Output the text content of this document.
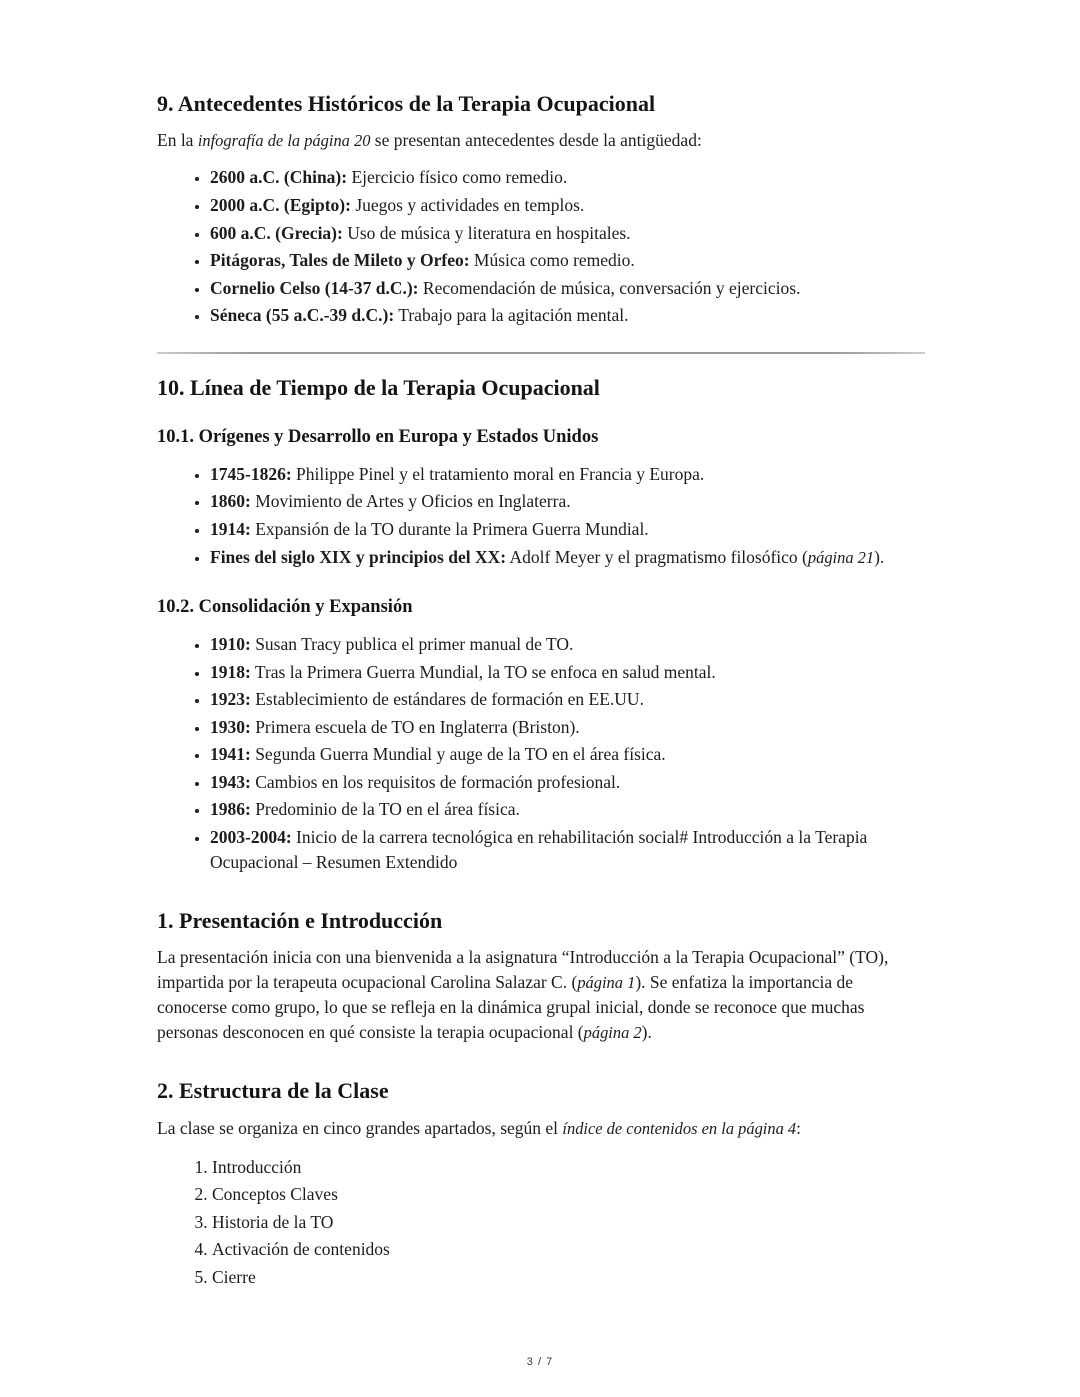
9. Antecedentes Históricos de la Terapia Ocupacional

En la infografía de la página 20 se presentan antecedentes desde la antigüedad:

• 2600 a.C. (China): Ejercicio físico como remedio.
• 2000 a.C. (Egipto): Juegos y actividades en templos.
• 600 a.C. (Grecia): Uso de música y literatura en hospitales.
• Pitágoras, Tales de Mileto y Orfeo: Música como remedio.
• Cornelio Celso (14-37 d.C.): Recomendación de música, conversación y ejercicios.
• Séneca (55 a.C.-39 d.C.): Trabajo para la agitación mental.
10. Línea de Tiempo de la Terapia Ocupacional
10.1. Orígenes y Desarrollo en Europa y Estados Unidos
• 1745-1826: Philippe Pinel y el tratamiento moral en Francia y Europa.
• 1860: Movimiento de Artes y Oficios en Inglaterra.
• 1914: Expansión de la TO durante la Primera Guerra Mundial.
• Fines del siglo XIX y principios del XX: Adolf Meyer y el pragmatismo filosófico (página 21).
10.2. Consolidación y Expansión
• 1910: Susan Tracy publica el primer manual de TO.
• 1918: Tras la Primera Guerra Mundial, la TO se enfoca en salud mental.
• 1923: Establecimiento de estándares de formación en EE.UU.
• 1930: Primera escuela de TO en Inglaterra (Briston).
• 1941: Segunda Guerra Mundial y auge de la TO en el área física.
• 1943: Cambios en los requisitos de formación profesional.
• 1986: Predominio de la TO en el área física.
• 2003-2004: Inicio de la carrera tecnológica en rehabilitación social# Introducción a la Terapia Ocupacional – Resumen Extendido
1. Presentación e Introducción

La presentación inicia con una bienvenida a la asignatura “Introducción a la Terapia Ocupacional” (TO), impartida por la terapeuta ocupacional Carolina Salazar C. (página 1). Se enfatiza la importancia de conocerse como grupo, lo que se refleja en la dinámica grupal inicial, donde se reconoce que muchas personas desconocen en qué consiste la terapia ocupacional (página 2).

2. Estructura de la Clase

La clase se organiza en cinco grandes apartados, según el índice de contenidos en la página 4:

1. Introducción
2. Conceptos Claves
3. Historia de la TO
4. Activación de contenidos
5. Cierre
3 / 7
